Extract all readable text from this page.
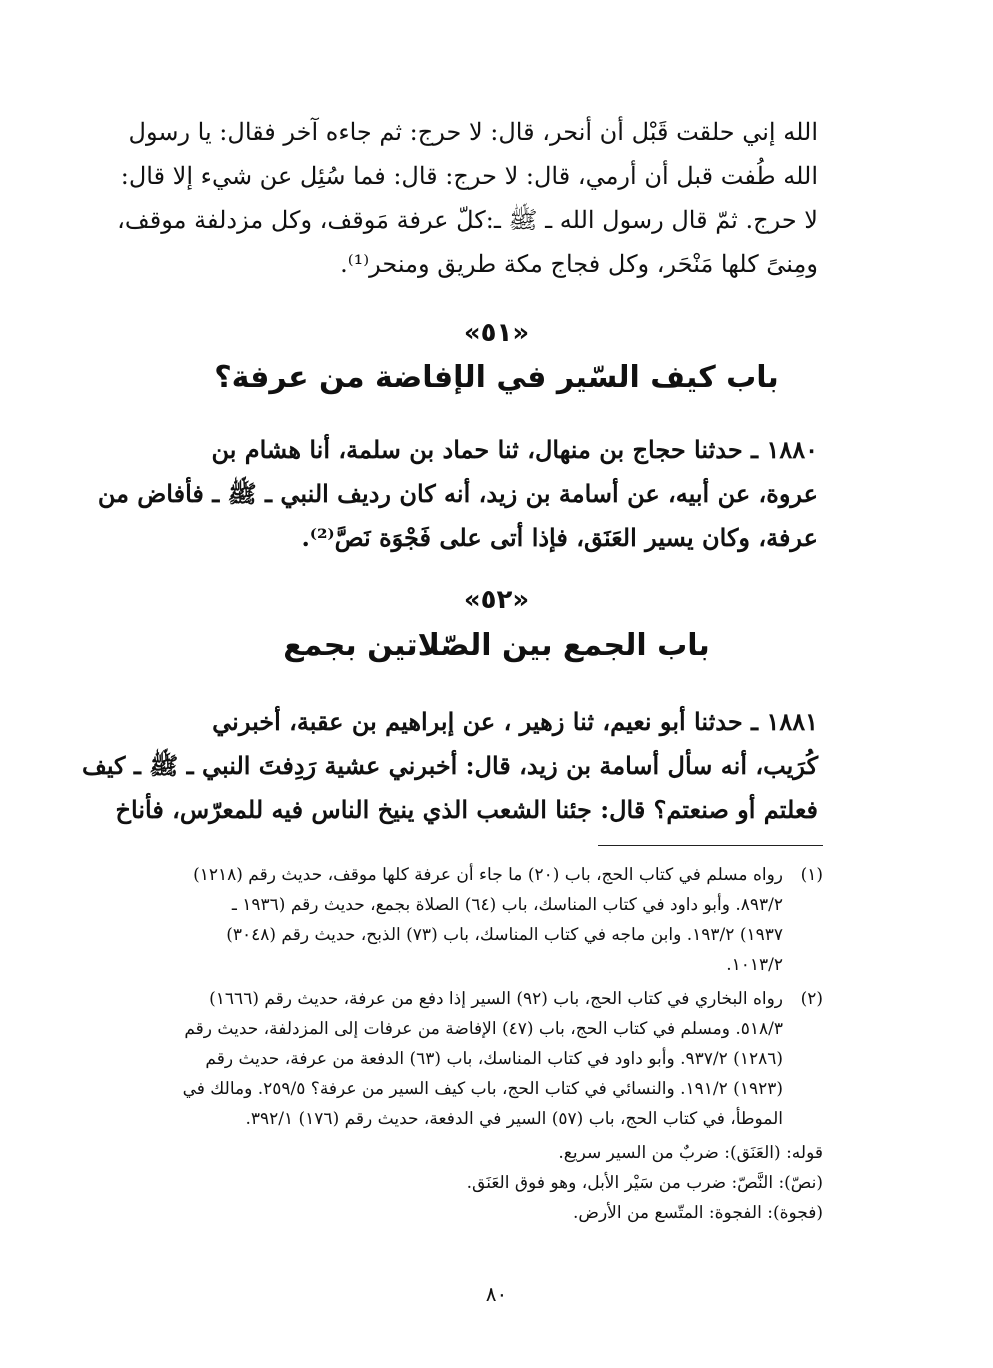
الله إني حلقت قَبْل أن أنحر، قال: لا حرج: ثم جاءه آخر فقال: يا رسول
الله طُفت قبل أن أرمي، قال: لا حرج: قال: فما سُئِل عن شيء إلا قال:
لا حرج. ثمّ قال رسول الله ـ ﷺ ـ:كلّ عرفة مَوقف، وكل مزدلفة موقف،
ومِنىً كلها مَنْحَر، وكل فجاج مكة طريق ومنحر⁽¹⁾.
«٥١»
باب كيف السّير في الإفاضة من عرفة؟
١٨٨٠ ـ حدثنا حجاج بن منهال، ثنا حماد بن سلمة، أنا هشام بن
عروة، عن أبيه، عن أسامة بن زيد، أنه كان رديف النبي ـ ﷺ ـ فأفاض من
عرفة، وكان يسير العَنَق، فإذا أتى على فَجْوَة نَصَّ⁽²⁾.
«٥٢»
باب الجمع بين الصّلاتين بجمع
١٨٨١ ـ حدثنا أبو نعيم، ثنا زهير ، عن إبراهيم بن عقبة، أخبرني
كُرَيب، أنه سأل أسامة بن زيد، قال: أخبرني عشية رَدِفتَ النبي ـ ﷺ ـ كيف
فعلتم أو صنعتم؟ قال: جئنا الشعب الذي ينيخ الناس فيه للمعرّس، فأناخ
(١)
رواه مسلم في كتاب الحج، باب (٢٠) ما جاء أن عرفة كلها موقف، حديث رقم (١٢١٨)
٨٩٣/٢. وأبو داود في كتاب المناسك، باب (٦٤) الصلاة بجمع، حديث رقم (١٩٣٦ ـ
١٩٣٧) ١٩٣/٢. وابن ماجه في كتاب المناسك، باب (٧٣) الذبح، حديث رقم (٣٠٤٨)
١٠١٣/٢.
(٢)
رواه البخاري في كتاب الحج، باب (٩٢) السير إذا دفع من عرفة، حديث رقم (١٦٦٦)
٥١٨/٣. ومسلم في كتاب الحج، باب (٤٧) الإفاضة من عرفات إلى المزدلفة، حديث رقم
(١٢٨٦) ٩٣٧/٢. وأبو داود في كتاب المناسك، باب (٦٣) الدفعة من عرفة، حديث رقم
(١٩٢٣) ١٩١/٢. والنسائي في كتاب الحج، باب كيف السير من عرفة؟ ٢٥٩/٥. ومالك في
الموطأ، في كتاب الحج، باب (٥٧) السير في الدفعة، حديث رقم (١٧٦) ٣٩٢/١.
قوله: (العَنَق): ضربٌ من السير سريع.
(نصّ): النَّصّ: ضرب من سَيْر الأبل، وهو فوق العَنَق.
(فجوة): الفجوة: المتّسع من الأرض.
٨٠
